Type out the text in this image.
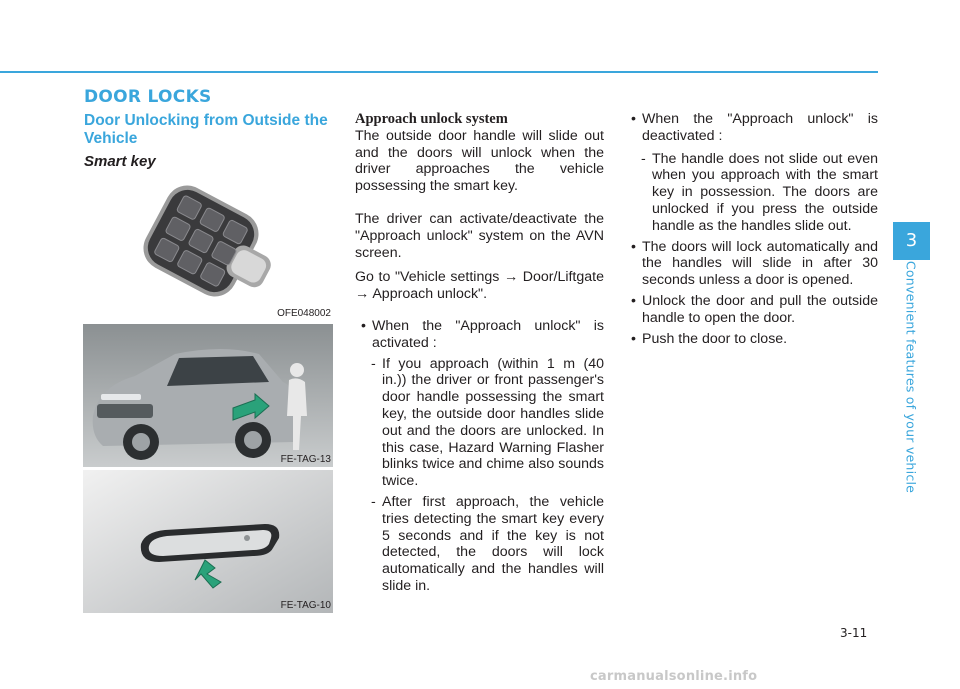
DOOR LOCKS
Door Unlocking from Outside the Vehicle
Smart key
OFE048002
FE-TAG-13
FE-TAG-10

Approach unlock system

The outside door handle will slide out and the doors will unlock when the driver approaches the vehicle possessing the smart key.

The driver can activate/deactivate the "Approach unlock" system on the AVN screen.

Go to "Vehicle settings → Door/Liftgate → Approach unlock".

• When the "Approach unlock" is activated :

- If you approach (within 1 m (40 in.)) the driver or front passenger's door handle possessing the smart key, the outside door handles slide out and the doors are unlocked. In this case, Hazard Warning Flasher blinks twice and chime also sounds twice.

- After first approach, the vehicle tries detecting the smart key every 5 seconds and if the key is not detected, the doors will lock automatically and the handles will slide in.

• When the "Approach unlock" is deactivated :

- The handle does not slide out even when you approach with the smart key in possession. The doors are unlocked if you press the outside handle as the handles slide out.

• The doors will lock automatically and the handles will slide in after 30 seconds unless a door is opened.

• Unlock the door and pull the outside handle to open the door.

• Push the door to close.

3
Convenient features of your vehicle
3-11
carmanualsonline.info
